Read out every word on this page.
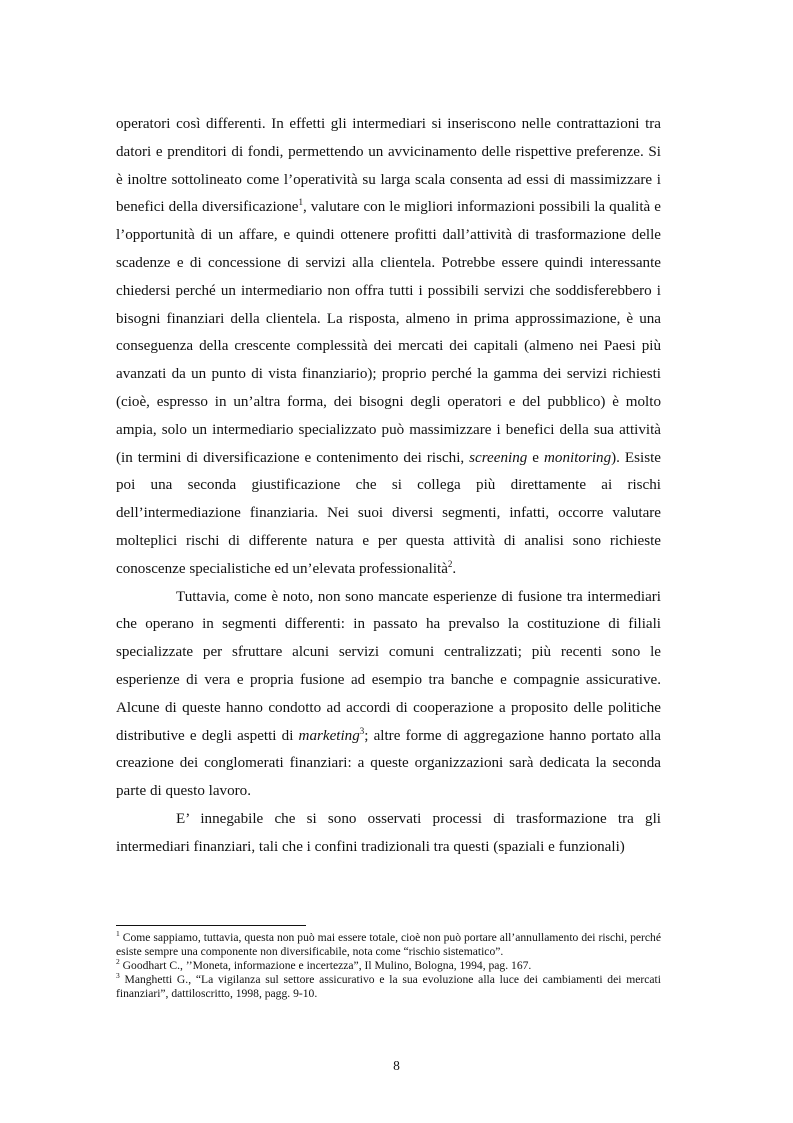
operatori così differenti. In effetti gli intermediari si inseriscono nelle contrattazioni tra datori e prenditori di fondi, permettendo un avvicinamento delle rispettive preferenze. Si è inoltre sottolineato come l’operatività su larga scala consenta ad essi di massimizzare i benefici della diversificazione$^1$, valutare con le migliori informazioni possibili la qualità e l’opportunità di un affare, e quindi ottenere profitti dall’attività di trasformazione delle scadenze e di concessione di servizi alla clientela. Potrebbe essere quindi interessante chiedersi perché un intermediario non offra tutti i possibili servizi che soddisferebbero i bisogni finanziari della clientela. La risposta, almeno in prima approssimazione, è una conseguenza della crescente complessità dei mercati dei capitali (almeno nei Paesi più avanzati da un punto di vista finanziario); proprio perché la gamma dei servizi richiesti (cioè, espresso in un’altra forma, dei bisogni degli operatori e del pubblico) è molto ampia, solo un intermediario specializzato può massimizzare i benefici della sua attività (in termini di diversificazione e contenimento dei rischi, screening e monitoring). Esiste poi una seconda giustificazione che si collega più direttamente ai rischi dell’intermediazione finanziaria. Nei suoi diversi segmenti, infatti, occorre valutare molteplici rischi di differente natura e per questa attività di analisi sono richieste conoscenze specialistiche ed un’elevata professionalità$^2$.

Tuttavia, come è noto, non sono mancate esperienze di fusione tra intermediari che operano in segmenti differenti: in passato ha prevalso la costituzione di filiali specializzate per sfruttare alcuni servizi comuni centralizzati; più recenti sono le esperienze di vera e propria fusione ad esempio tra banche e compagnie assicurative. Alcune di queste hanno condotto ad accordi di cooperazione a proposito delle politiche distributive e degli aspetti di marketing$^3$; altre forme di aggregazione hanno portato alla creazione dei conglomerati finanziari: a queste organizzazioni sarà dedicata la seconda parte di questo lavoro.

E’ innegabile che si sono osservati processi di trasformazione tra gli intermediari finanziari, tali che i confini tradizionali tra questi (spaziali e funzionali)

$^1$ Come sappiamo, tuttavia, questa non può mai essere totale, cioè non può portare all’annullamento dei rischi, perché esiste sempre una componente non diversificabile, nota come “rischio sistematico”.

$^2$ Goodhart C., ’’Moneta, informazione e incertezza”, Il Mulino, Bologna, 1994, pag. 167.

$^3$ Manghetti G., “La vigilanza sul settore assicurativo e la sua evoluzione alla luce dei cambiamenti dei mercati finanziari”, dattiloscritto, 1998, pagg. 9-10.

8
